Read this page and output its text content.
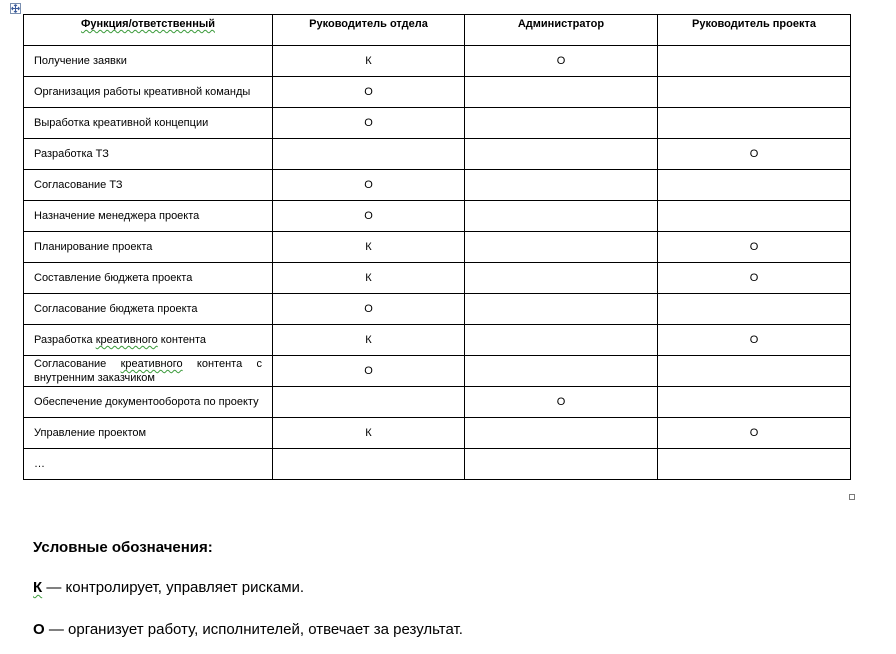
Функция/ответственный	Руководитель отдела	Администратор	Руководитель проекта
Получение заявки	К	О	
Организация работы креативной команды	О		
Выработка креативной концепции	О		
Разработка ТЗ			О
Согласование ТЗ	О		
Назначение менеджера проекта	О		
Планирование проекта	К		О
Составление бюджета проекта	К		О
Согласование бюджета проекта	О		
Разработка креативного контента	К		О
Согласование креативного контента с внутренним заказчиком	О		
Обеспечение документооборота по проекту		О	
Управление проектом	К		О
…			
Условные обозначения:
К — контролирует, управляет рисками.
О — организует работу, исполнителей, отвечает за результат.
